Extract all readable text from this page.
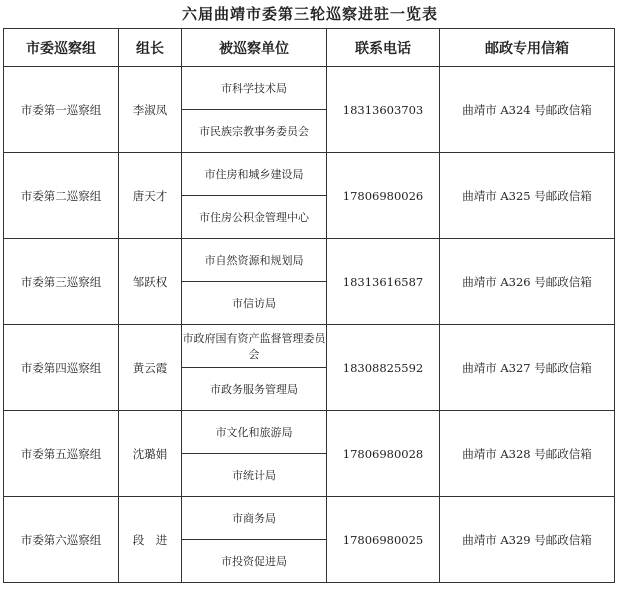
六届曲靖市委第三轮巡察进驻一览表
市委巡察组	组长	被巡察单位	联系电话	邮政专用信箱
市委第一巡察组	李淑凤	市科学技术局	18313603703	曲靖市 A324 号邮政信箱
		市民族宗教事务委员会		
市委第二巡察组	唐天才	市住房和城乡建设局	17806980026	曲靖市 A325 号邮政信箱
		市住房公积金管理中心		
市委第三巡察组	邹跃权	市自然资源和规划局	18313616587	曲靖市 A326 号邮政信箱
		市信访局		
市委第四巡察组	黄云霞	市政府国有资产监督管理委员会	18308825592	曲靖市 A327 号邮政信箱
		市政务服务管理局		
市委第五巡察组	沈璐娟	市文化和旅游局	17806980028	曲靖市 A328 号邮政信箱
		市统计局		
市委第六巡察组	段　进	市商务局	17806980025	曲靖市 A329 号邮政信箱
		市投资促进局		
